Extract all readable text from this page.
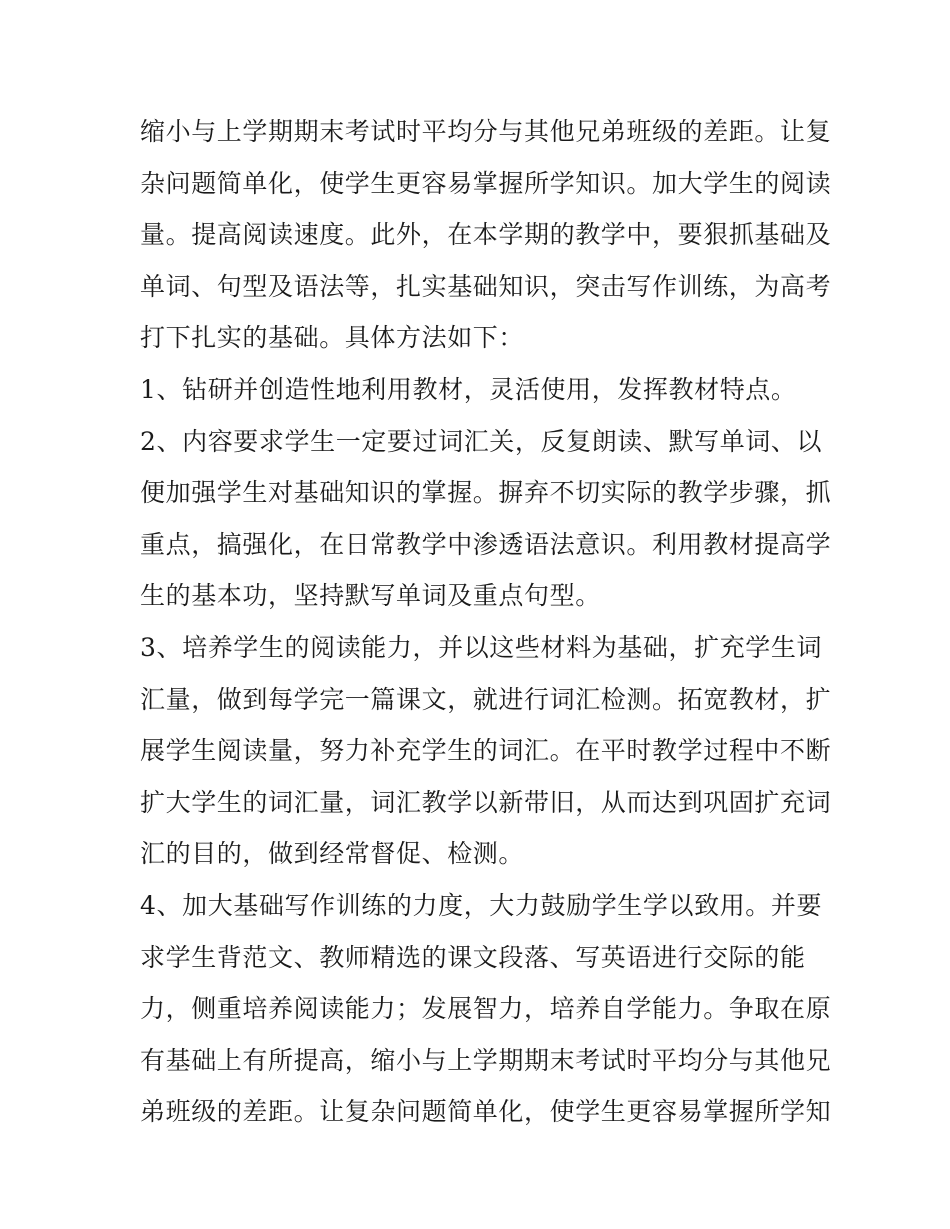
缩小与上学期期末考试时平均分与其他兄弟班级的差距。让复
杂问题简单化，使学生更容易掌握所学知识。加大学生的阅读
量。提高阅读速度。此外，在本学期的教学中，要狠抓基础及
单词、句型及语法等，扎实基础知识，突击写作训练，为高考
打下扎实的基础。具体方法如下：
1、钻研并创造性地利用教材，灵活使用，发挥教材特点。
2、内容要求学生一定要过词汇关，反复朗读、默写单词、以
便加强学生对基础知识的掌握。摒弃不切实际的教学步骤，抓
重点，搞强化，在日常教学中渗透语法意识。利用教材提高学
生的基本功，坚持默写单词及重点句型。
3、培养学生的阅读能力，并以这些材料为基础，扩充学生词
汇量，做到每学完一篇课文，就进行词汇检测。拓宽教材，扩
展学生阅读量，努力补充学生的词汇。在平时教学过程中不断
扩大学生的词汇量，词汇教学以新带旧，从而达到巩固扩充词
汇的目的，做到经常督促、检测。
4、加大基础写作训练的力度，大力鼓励学生学以致用。并要
求学生背范文、教师精选的课文段落、写英语进行交际的能
力，侧重培养阅读能力；发展智力，培养自学能力。争取在原
有基础上有所提高，缩小与上学期期末考试时平均分与其他兄
弟班级的差距。让复杂问题简单化，使学生更容易掌握所学知
